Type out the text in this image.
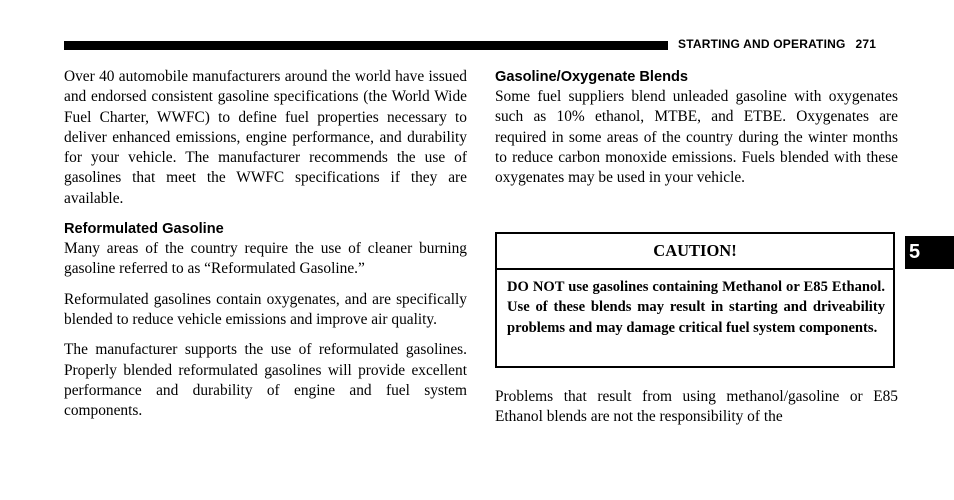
STARTING AND OPERATING 271

Over 40 automobile manufacturers around the world have issued and endorsed consistent gasoline specifications (the World Wide Fuel Charter, WWFC) to define fuel properties necessary to deliver enhanced emissions, engine performance, and durability for your vehicle. The manufacturer recommends the use of gasolines that meet the WWFC specifications if they are available.

Reformulated Gasoline

Many areas of the country require the use of cleaner burning gasoline referred to as “Reformulated Gasoline.”

Reformulated gasolines contain oxygenates, and are specifically blended to reduce vehicle emissions and improve air quality.

The manufacturer supports the use of reformulated gasolines. Properly blended reformulated gasolines will provide excellent performance and durability of engine and fuel system components.

Gasoline/Oxygenate Blends

Some fuel suppliers blend unleaded gasoline with oxygenates such as 10% ethanol, MTBE, and ETBE. Oxygenates are required in some areas of the country during the winter months to reduce carbon monoxide emissions. Fuels blended with these oxygenates may be used in your vehicle.

CAUTION!
DO NOT use gasolines containing Methanol or E85 Ethanol. Use of these blends may result in starting and driveability problems and may damage critical fuel system components.

Problems that result from using methanol/gasoline or E85 Ethanol blends are not the responsibility of the

5
